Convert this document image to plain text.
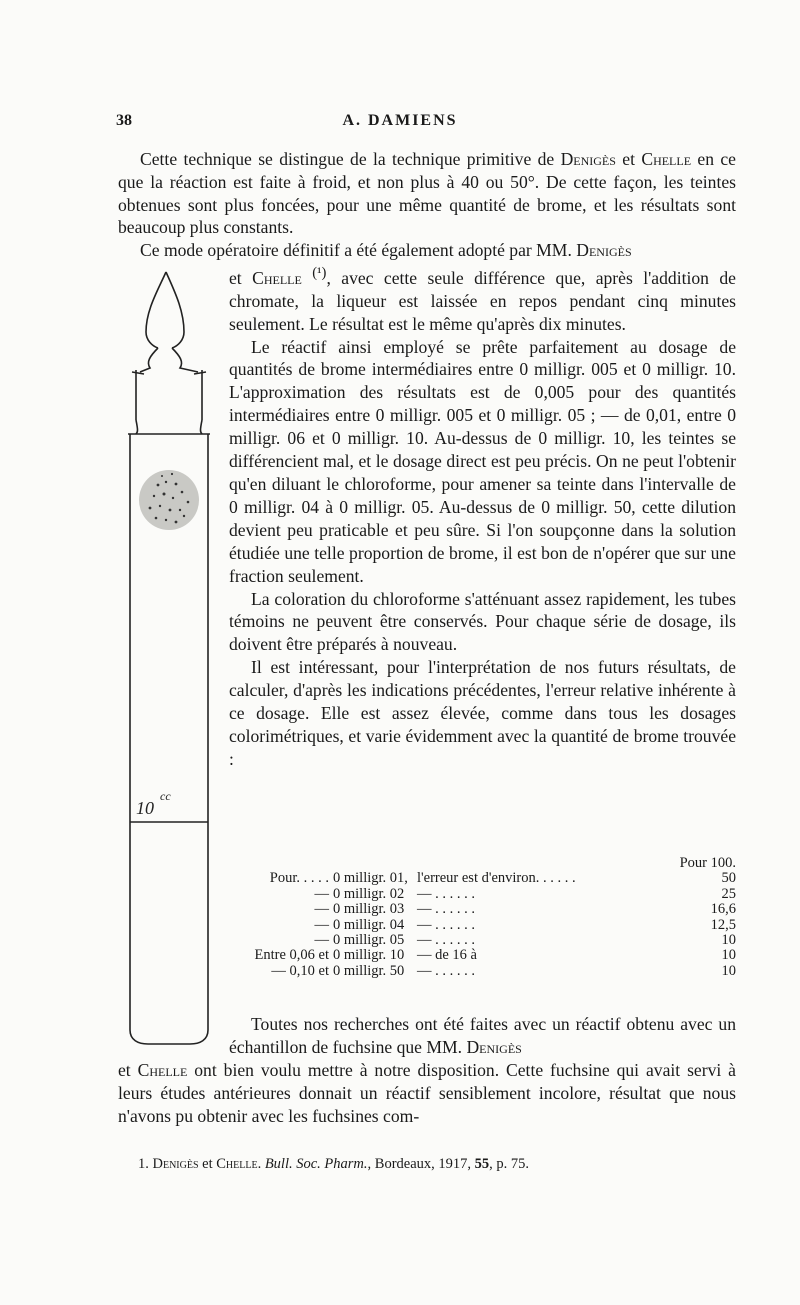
38	A. DAMIENS

Cette technique se distingue de la technique primitive de Denigès et Chelle en ce que la réaction est faite à froid, et non plus à 40 ou 50°. De cette façon, les teintes obtenues sont plus foncées, pour une même quantité de brome, et les résultats sont beaucoup plus constants.

Ce mode opératoire définitif a été également adopté par MM. Denigès

10
cc

et Chelle $^{(^1)}$, avec cette seule différence que, après l'addition de chromate, la liqueur est laissée en repos pendant cinq minutes seulement. Le résultat est le même qu'après dix minutes.

Le réactif ainsi employé se prête parfaitement au dosage de quantités de brome intermédiaires entre 0 milligr. 005 et 0 milligr. 10. L'approximation des résultats est de 0,005 pour des quantités intermédiaires entre 0 milligr. 005 et 0 milligr. 05 ; — de 0,01, entre 0 milligr. 06 et 0 milligr. 10. Au-dessus de 0 milligr. 10, les teintes se différencient mal, et le dosage direct est peu précis. On ne peut l'obtenir qu'en diluant le chloroforme, pour amener sa teinte dans l'intervalle de 0 milligr. 04 à 0 milligr. 05. Au-dessus de 0 milligr. 50, cette dilution devient peu praticable et peu sûre. Si l'on soupçonne dans la solution étudiée une telle proportion de brome, il est bon de n'opérer que sur une fraction seulement.

La coloration du chloroforme s'atténuant assez rapidement, les tubes témoins ne peuvent être conservés. Pour chaque série de dosage, ils doivent être préparés à nouveau.

Il est intéressant, pour l'interprétation de nos futurs résultats, de calculer, d'après les indications précédentes, l'erreur relative inhérente à ce dosage. Elle est assez élevée, comme dans tous les dosages colorimétriques, et varie évidemment avec la quantité de brome trouvée :

Pour 100.
Pour. . . . . 0 milligr. 01, l'erreur est d'environ. . . . . .	50
— 0 milligr. 02 — . . . . . .	25
— 0 milligr. 03 — . . . . . .	16,6
— 0 milligr. 04 — . . . . . .	12,5
— 0 milligr. 05 — . . . . . .	10
Entre 0,06 et 0 milligr. 10 — de 16 à	10
— 0,10 et 0 milligr. 50 — . . . . . .	10

Toutes nos recherches ont été faites avec un réactif obtenu avec un échantillon de fuchsine que MM. Denigès

et Chelle ont bien voulu mettre à notre disposition. Cette fuchsine qui avait servi à leurs études antérieures donnait un réactif sensiblement incolore, résultat que nous n'avons pu obtenir avec les fuchsines com-

1. Denigès et Chelle. Bull. Soc. Pharm., Bordeaux, 1917, 55, p. 75.
